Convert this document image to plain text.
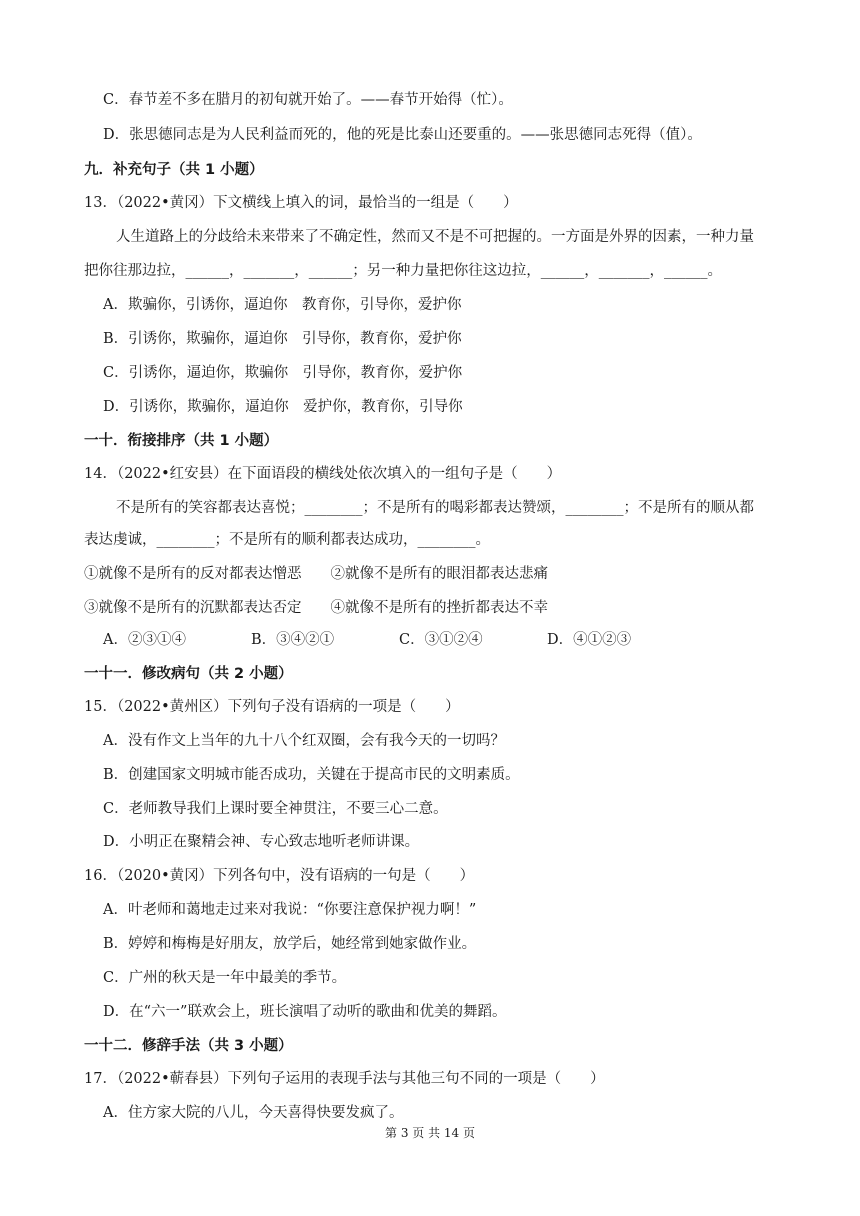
C．春节差不多在腊月的初旬就开始了。——春节开始得（忙）。
D．张思德同志是为人民利益而死的，他的死是比泰山还要重的。——张思德同志死得（值）。
九．补充句子（共 1 小题）
13．（2022•黄冈）下文横线上填入的词，最恰当的一组是（　　）
人生道路上的分歧给未来带来了不确定性，然而又不是不可把握的。一方面是外界的因素，一种力量
把你往那边拉，______，_______，______；另一种力量把你往这边拉，______，_______，______。
A．欺骗你，引诱你，逼迫你　教育你，引导你，爱护你
B．引诱你，欺骗你，逼迫你　引导你，教育你，爱护你
C．引诱你，逼迫你，欺骗你　引导你，教育你，爱护你
D．引诱你，欺骗你，逼迫你　爱护你，教育你，引导你
一十．衔接排序（共 1 小题）
14．（2022•红安县）在下面语段的横线处依次填入的一组句子是（　　）
不是所有的笑容都表达喜悦；________；不是所有的喝彩都表达赞颂，________；不是所有的顺从都
表达虔诚，________；不是所有的顺利都表达成功，________。
①就像不是所有的反对都表达憎恶　　②就像不是所有的眼泪都表达悲痛
③就像不是所有的沉默都表达否定　　④就像不是所有的挫折都表达不幸
A．②③①④	B．③④②①	C．③①②④	D．④①②③
一十一．修改病句（共 2 小题）
15．（2022•黄州区）下列句子没有语病的一项是（　　）
A．没有作文上当年的九十八个红双圈，会有我今天的一切吗？
B．创建国家文明城市能否成功，关键在于提高市民的文明素质。
C．老师教导我们上课时要全神贯注，不要三心二意。
D．小明正在聚精会神、专心致志地听老师讲课。
16．（2020•黄冈）下列各句中，没有语病的一句是（　　）
A．叶老师和蔼地走过来对我说：“你要注意保护视力啊！”
B．婷婷和梅梅是好朋友，放学后，她经常到她家做作业。
C．广州的秋天是一年中最美的季节。
D．在“六一”联欢会上，班长演唱了动听的歌曲和优美的舞蹈。
一十二．修辞手法（共 3 小题）
17．（2022•蕲春县）下列句子运用的表现手法与其他三句不同的一项是（　　）
A．住方家大院的八儿，今天喜得快要发疯了。
第 3 页 共 14 页
